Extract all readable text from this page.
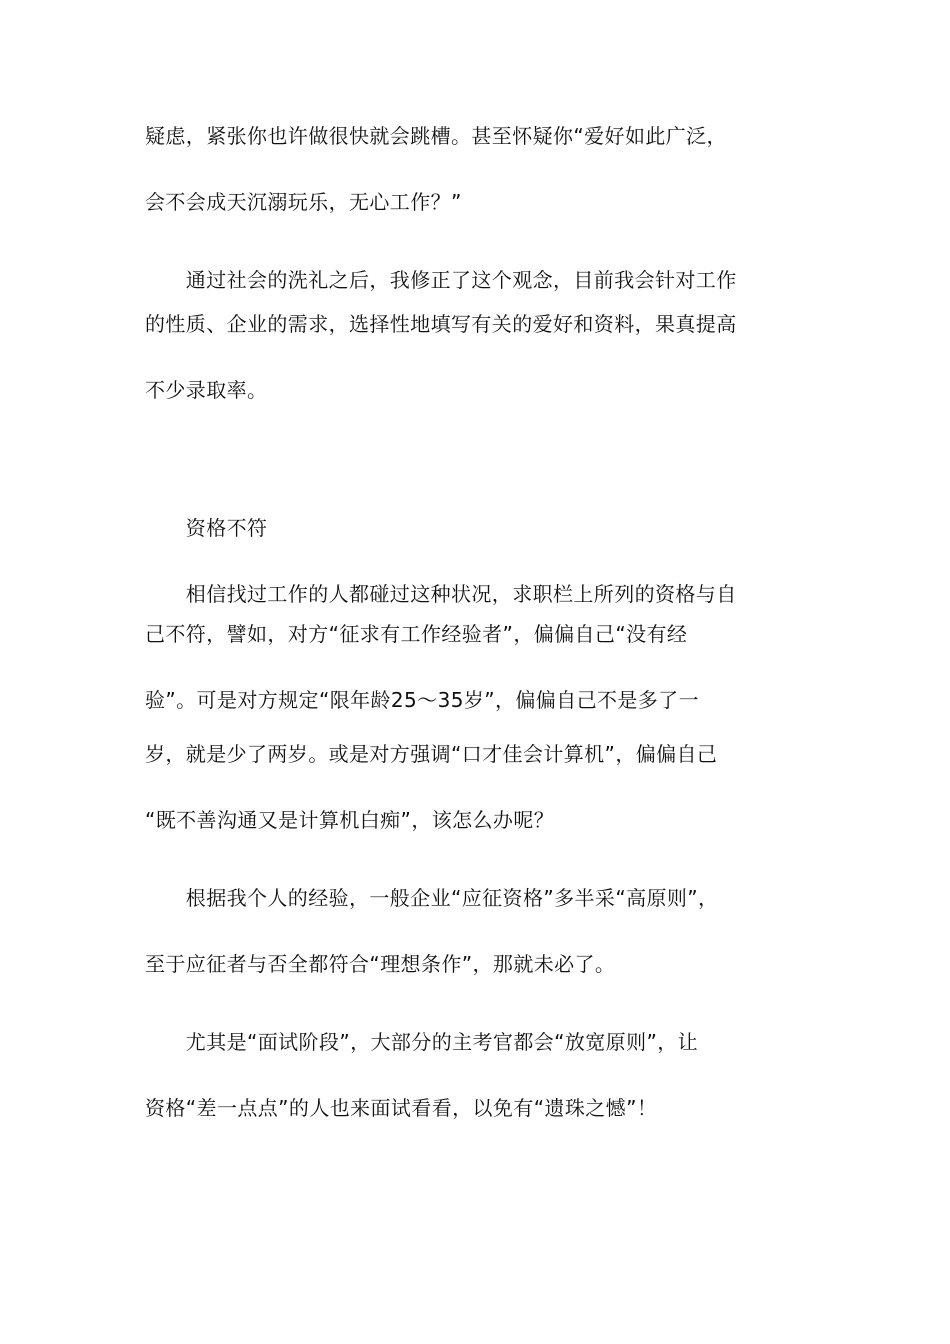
疑虑，紧张你也许做很快就会跳槽。甚至怀疑你“爱好如此广泛，
会不会成天沉溺玩乐，无心工作？”
　　通过社会的洗礼之后，我修正了这个观念，目前我会针对工作
的性质、企业的需求，选择性地填写有关的爱好和资料，果真提高
不少录取率。
　　资格不符
　　相信找过工作的人都碰过这种状况，求职栏上所列的资格与自
己不符，譬如，对方“征求有工作经验者”，偏偏自己“没有经
验”。可是对方规定“限年龄25～35岁”，偏偏自己不是多了一
岁，就是少了两岁。或是对方强调“口才佳会计算机”，偏偏自己
“既不善沟通又是计算机白痴”，该怎么办呢？
　　根据我个人的经验，一般企业“应征资格”多半采“高原则”，
至于应征者与否全都符合“理想条作”，那就未必了。
　　尤其是“面试阶段”，大部分的主考官都会“放宽原则”，让
资格“差一点点”的人也来面试看看，以免有“遗珠之憾”！
